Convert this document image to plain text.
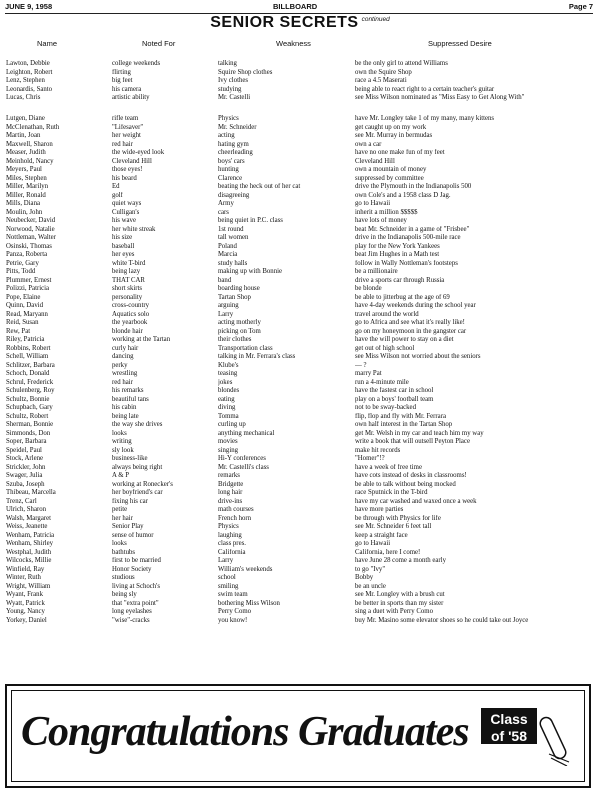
JUNE 9, 1958	BILLBOARD	Page 7
SENIOR SECRETS $^{continued}$
Name	Noted For	Weakness	Suppressed Desire
Lawton, Debbie	college weekends	talking	be the only girl to attend Williams
Leighton, Robert	flirting	Squire Shop clothes	own the Squire Shop
Lenz, Stephen	big feet	Ivy clothes	race a 4.5 Maserati
Leonardis, Santo	his camera	studying	being able to react right to a certain teacher's guitar
Lucas, Chris	artistic ability	Mr. Castelli	see Miss Wilson nominated as "Miss Easy to Get Along With"
Lutgen, Diane	rifle team	Physics	have Mr. Longley take 1 of my many, many kittens
McClenathan, Ruth	"Lifesaver"	Mr. Schneider	get caught up on my work
Martin, Joan	her weight	acting	see Mr. Murray in bermudas
Maxwell, Sharon	red hair	hating gym	own a car
Measer, Judith	the wide-eyed look	cheerleading	have no one make fun of my feet
Meinhold, Nancy	Cleveland Hill	boys' cars	Cleveland Hill
Meyers, Paul	those eyes!	hunting	own a mountain of money
Miles, Stephen	his beard	Clarence	suppressed by committee
Miller, Marilyn	Ed	beating the heck out of her cat	drive the Plymouth in the Indianapolis 500
Miller, Ronald	golf	disagreeing	own Cole's and a 1958 class D Jag.
Mills, Diana	quiet ways	Army	go to Hawaii
Moulin, John	Culligan's	cars	inherit a million $$$$$
Neubecker, David	his wave	being quiet in P.C. class	have lots of money
Norwood, Natalie	her white streak	1st round	beat Mr. Schneider in a game of "Frisbee"
Nottleman, Walter	his size	tall women	drive in the Indianapolis 500-mile race
Osinski, Thomas	baseball	Poland	play for the New York Yankees
Panza, Roberta	her eyes	Marcia	beat Jim Hughes in a Math test
Petrie, Gary	white T-bird	study halls	follow in Wally Nottleman's footsteps
Pitts, Todd	being lazy	making up with Bonnie	be a millionaire
Plummer, Ernest	THAT CAR	band	drive a sports car through Russia
Polizzi, Patricia	short skirts	boarding house	be blonde
Pope, Elaine	personality	Tartan Shop	be able to jitterbug at the age of 69
Quinn, David	cross-country	arguing	have 4-day weekends during the school year
Read, Maryann	Aquatics solo	Larry	travel around the world
Reid, Susan	the yearbook	acting motherly	go to Africa and see what it's really like!
Rew, Pat	blonde hair	picking on Tom	go on my honeymoon in the gangster car
Riley, Patricia	working at the Tartan	their clothes	have the will power to stay on a diet
Robbins, Robert	curly hair	Transportation class	get out of high school
Schell, William	dancing	talking in Mr. Ferrara's class	see Miss Wilson not worried about the seniors
Schlitzer, Barbara	perky	Klube's	— ?
Schoch, Donald	wrestling	teasing	marry Pat
Schrul, Frederick	red hair	jokes	run a 4-minute mile
Schulenberg, Roy	his remarks	blondes	have the fastest car in school
Schultz, Bonnie	beautiful tans	eating	play on a boys' football team
Schupbach, Gary	his cabin	diving	not to be sway-backed
Schultz, Robert	being late	Tomma	flip, flop and fly with Mr. Ferrara
Sherman, Bonnie	the way she drives	curling up	own half interest in the Tartan Shop
Simmonds, Don	looks	anything mechanical	get Mr. Welsh in my car and teach him my way
Soper, Barbara	writing	movies	write a book that will outsell Peyton Place
Speidel, Paul	sly look	singing	make hit records
Stock, Arlene	business-like	Hi-Y conferences	"Homer"!?
Strickler, John	always being right	Mr. Castelli's class	have a week of free time
Swager, Julia	A & P	remarks	have cots instead of desks in classrooms!
Szuba, Joseph	working at Ronecker's	Bridgette	be able to talk without being mocked
Thibeau, Marcella	her boyfriend's car	long hair	race Sputnick in the T-bird
Trenz, Carl	fixing his car	drive-ins	have my car washed and waxed once a week
Ulrich, Sharon	petite	math courses	have more parties
Walsh, Margaret	her hair	French horn	be through with Physics for life
Weiss, Jeanette	Senior Play	Physics	see Mr. Schneider 6 feet tall
Wenham, Patricia	sense of humor	laughing	keep a straight face
Wenham, Shirley	looks	class pres.	go to Hawaii
Westphal, Judith	bathtubs	California	California, here I come!
Wilcocks, Millie	first to be married	Larry	have June 28 come a month early
Winfield, Ray	Honor Society	William's weekends	to go "Ivy"
Winter, Ruth	studious	school	Bobby
Wright, William	living at Schoch's	smiling	be an uncle
Wyant, Frank	being sly	swim team	see Mr. Longley with a brush cut
Wyatt, Patrick	that "extra point"	bothering Miss Wilson	be better in sports than my sister
Young, Nancy	long eyelashes	Perry Como	sing a duet with Perry Como
Yorkey, Daniel	"wise"-cracks	you know!	buy Mr. Masino some elevator shoes so he could take out Joyce
Congratulations Graduates	Class of '58
